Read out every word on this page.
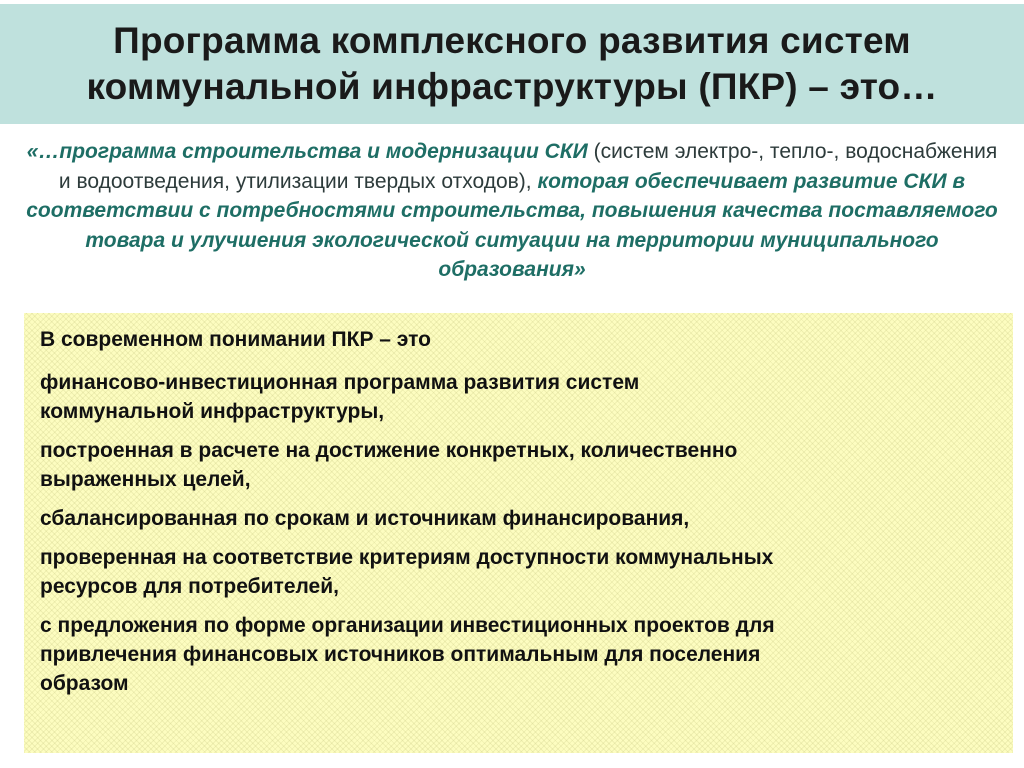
Программа комплексного развития систем
коммунальной инфраструктуры (ПКР) – это…
«…программа строительства и модернизации СКИ (систем электро-, тепло-, водоснабжения и водоотведения, утилизации твердых отходов), которая обеспечивает развитие СКИ в соответствии с потребностями строительства, повышения качества поставляемого товара и улучшения экологической ситуации на территории муниципального образования»

В современном понимании ПКР – это

финансово-инвестиционная программа развития систем
коммунальной инфраструктуры,

построенная в расчете на достижение конкретных, количественно
выраженных целей,

сбалансированная по срокам и источникам финансирования,

проверенная на соответствие критериям доступности коммунальных
ресурсов для потребителей,

с предложения по форме организации инвестиционных проектов для
привлечения финансовых источников оптимальным для поселения
образом
